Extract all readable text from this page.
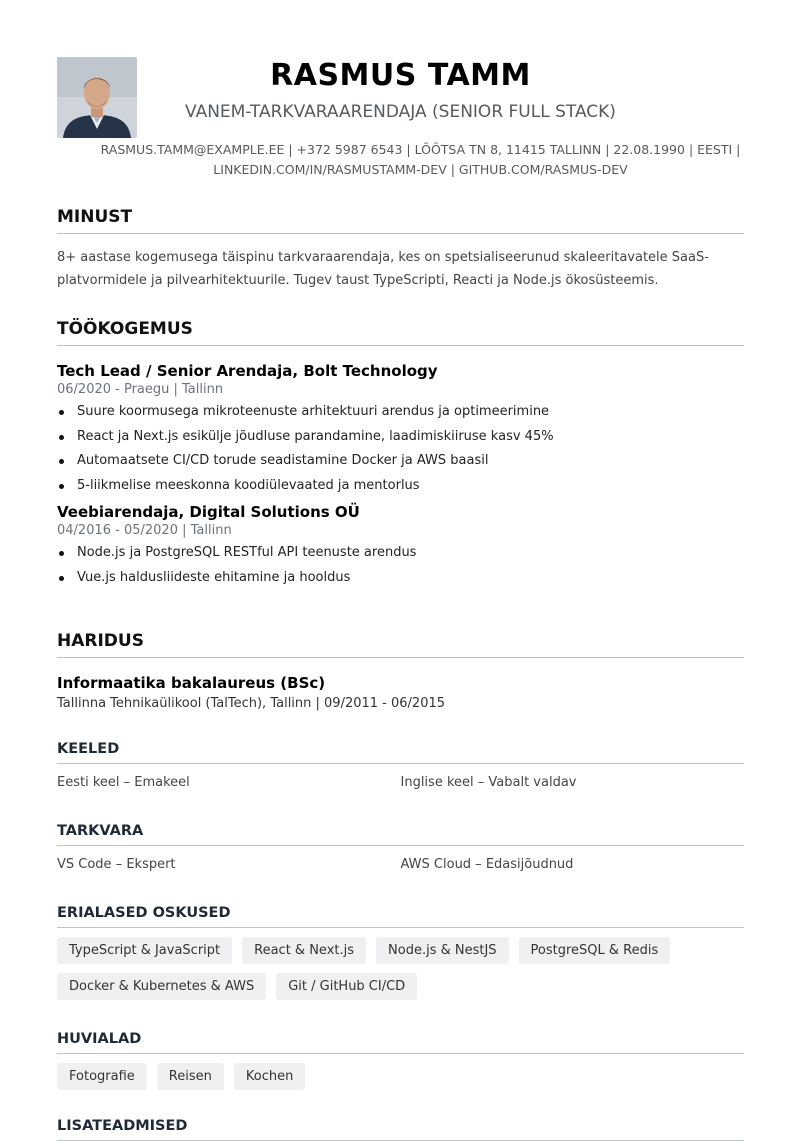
RASMUS TAMM
VANEM-TARKVARAARENDAJA (SENIOR FULL STACK)
RASMUS.TAMM@EXAMPLE.EE | +372 5987 6543 | LÕÕTSA TN 8, 11415 TALLINN | 22.08.1990 | EESTI | LINKEDIN.COM/IN/RASMUSTAMM-DEV | GITHUB.COM/RASMUS-DEV
MINUST
8+ aastase kogemusega täispinu tarkvaraarendaja, kes on spetsialiseerunud skaleeritavatele SaaS-platvormidele ja pilvearhitektuurile. Tugev taust TypeScripti, Reacti ja Node.js ökosüsteemis.
TÖÖKOGEMUS
Tech Lead / Senior Arendaja, Bolt Technology
06/2020 - Praegu | Tallinn
Suure koormusega mikroteenuste arhitektuuri arendus ja optimeerimine
React ja Next.js esikülje jõudluse parandamine, laadimiskiiruse kasv 45%
Automaatsete CI/CD torude seadistamine Docker ja AWS baasil
5-liikmelise meeskonna koodiülevaated ja mentorlus
Veebiarendaja, Digital Solutions OÜ
04/2016 - 05/2020 | Tallinn
Node.js ja PostgreSQL RESTful API teenuste arendus
Vue.js haldusliideste ehitamine ja hooldus
HARIDUS
Informaatika bakalaureus (BSc)
Tallinna Tehnikaülikool (TalTech), Tallinn | 09/2011 - 06/2015
KEELED
Eesti keel – Emakeel	Inglise keel – Vabalt valdav
TARKVARA
VS Code – Ekspert	AWS Cloud – Edasijõudnud
ERIALASED OSKUSED
TypeScript & JavaScript	React & Next.js	Node.js & NestJS	PostgreSQL & Redis
Docker & Kubernetes & AWS	Git / GitHub CI/CD
HUVIALAD
Fotografie	Reisen	Kochen
LISATEADMISED
